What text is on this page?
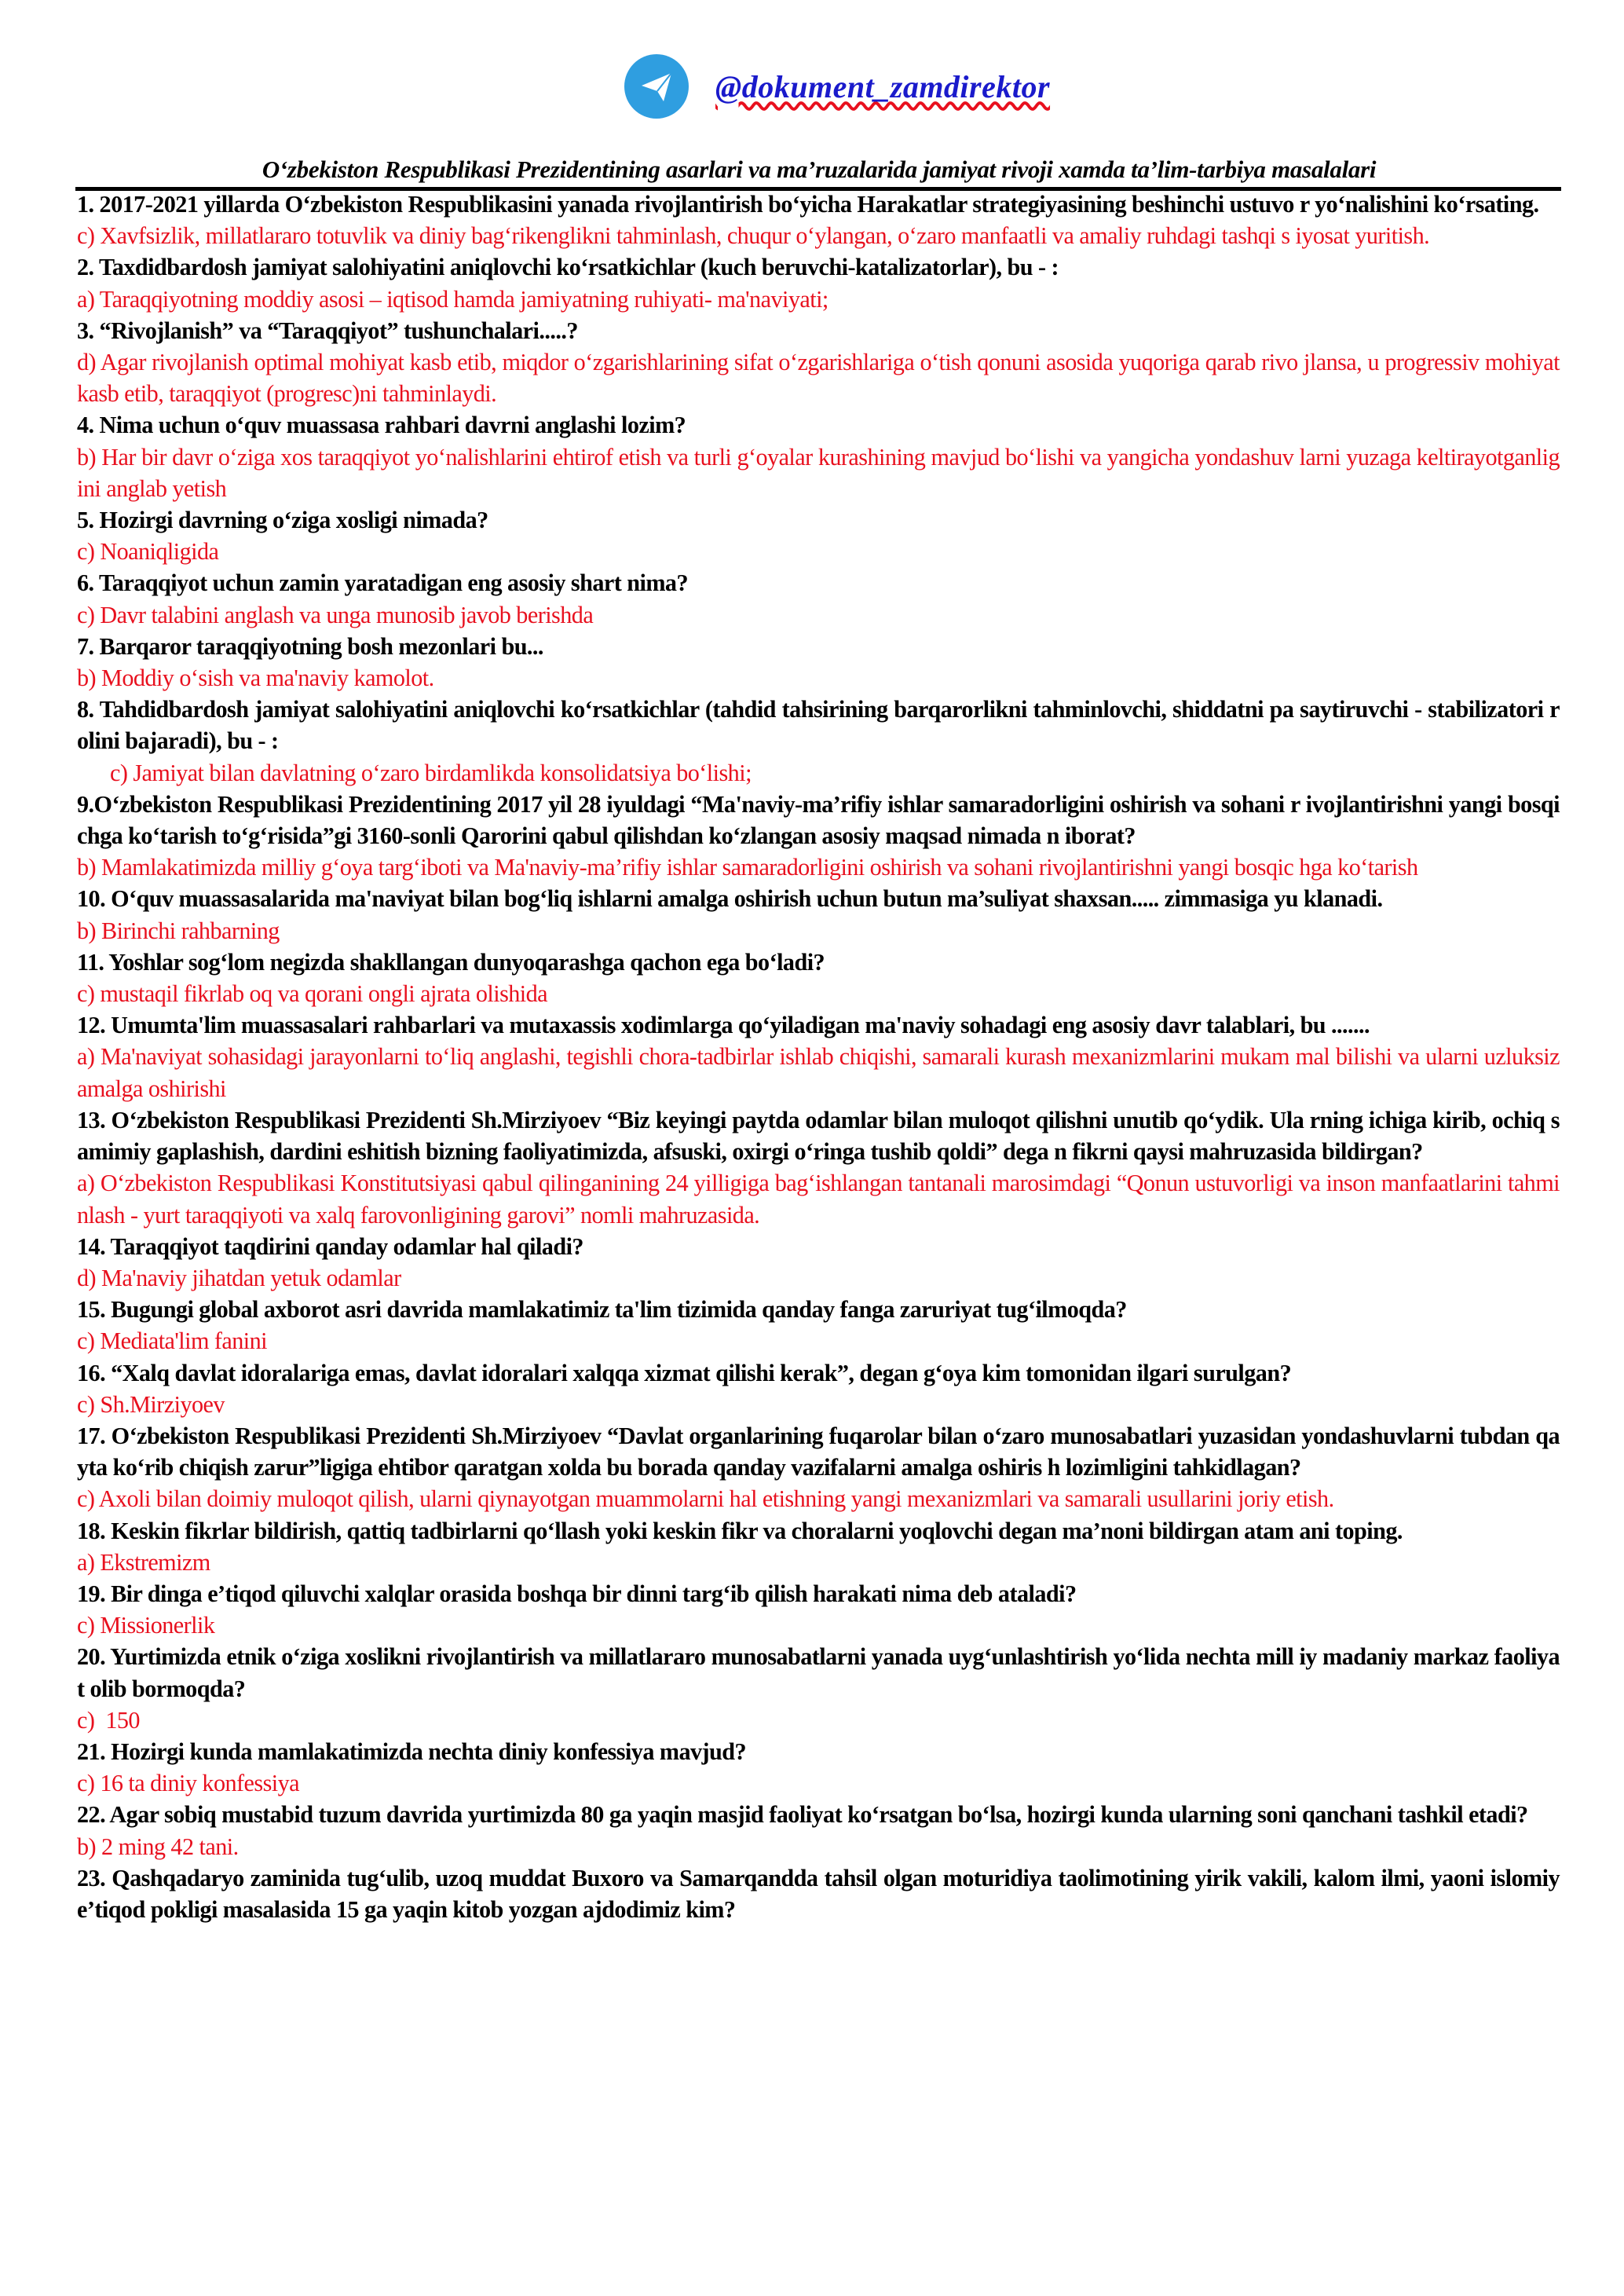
@dokument_zamdirektor
O‘zbekiston Respublikasi Prezidentining asarlari va ma’ruzalarida jamiyat rivoji xamda ta’lim-tarbiya masalalari

1. 2017-2021 yillarda O‘zbekiston Respublikasini yanada rivojlantirish bo‘yicha Harakatlar strategiyasining beshinchi ustuvo r yo‘nalishini ko‘rsating.

c) Xavfsizlik, millatlararo totuvlik va diniy bag‘rikenglikni tahminlash, chuqur o‘ylangan, o‘zaro manfaatli va amaliy ruhdagi tashqi s iyosat yuritish.

2. Taxdidbardosh jamiyat salohiyatini aniqlovchi ko‘rsatkichlar (kuch beruvchi-katalizatorlar), bu - :

a) Taraqqiyotning moddiy asosi – iqtisod hamda jamiyatning ruhiyati- ma'naviyati;

3. “Rivojlanish” va “Taraqqiyot” tushunchalari.....?

d) Agar rivojlanish optimal mohiyat kasb etib, miqdor o‘zgarishlarining sifat o‘zgarishlariga o‘tish qonuni asosida yuqoriga qarab rivo jlansa, u progressiv mohiyat kasb etib, taraqqiyot (progresc)ni tahminlaydi.

4. Nima uchun o‘quv muassasa rahbari davrni anglashi lozim?

b) Har bir davr o‘ziga xos taraqqiyot yo‘nalishlarini ehtirof etish va turli g‘oyalar kurashining mavjud bo‘lishi va yangicha yondashuv larni yuzaga keltirayotganligini anglab yetish

5. Hozirgi davrning o‘ziga xosligi nimada?

c) Noaniqligida

6. Taraqqiyot uchun zamin yaratadigan eng asosiy shart nima?

c) Davr talabini anglash va unga munosib javob berishda

7. Barqaror taraqqiyotning bosh mezonlari bu...

b) Moddiy o‘sish va ma'naviy kamolot.

8. Tahdidbardosh jamiyat salohiyatini aniqlovchi ko‘rsatkichlar (tahdid tahsirining barqarorlikni tahminlovchi, shiddatni pa saytiruvchi - stabilizatori rolini bajaradi), bu - :

c) Jamiyat bilan davlatning o‘zaro birdamlikda konsolidatsiya bo‘lishi;

9.O‘zbekiston Respublikasi Prezidentining 2017 yil 28 iyuldagi “Ma'naviy-ma’rifiy ishlar samaradorligini oshirish va sohani r ivojlantirishni yangi bosqichga ko‘tarish to‘g‘risida”gi 3160-sonli Qarorini qabul qilishdan ko‘zlangan asosiy maqsad nimada n iborat?

b) Mamlakatimizda milliy g‘oya targ‘iboti va Ma'naviy-ma’rifiy ishlar samaradorligini oshirish va sohani rivojlantirishni yangi bosqic hga ko‘tarish

10. O‘quv muassasalarida ma'naviyat bilan bog‘liq ishlarni amalga oshirish uchun butun ma’suliyat shaxsan..... zimmasiga yu klanadi.

b) Birinchi rahbarning

11. Yoshlar sog‘lom negizda shakllangan dunyoqarashga qachon ega bo‘ladi?

c) mustaqil fikrlab oq va qorani ongli ajrata olishida

12. Umumta'lim muassasalari rahbarlari va mutaxassis xodimlarga qo‘yiladigan ma'naviy sohadagi eng asosiy davr talablari, bu .......

a) Ma'naviyat sohasidagi jarayonlarni to‘liq anglashi, tegishli chora-tadbirlar ishlab chiqishi, samarali kurash mexanizmlarini mukam mal bilishi va ularni uzluksiz amalga oshirishi

13. O‘zbekiston Respublikasi Prezidenti Sh.Mirziyoev “Biz keyingi paytda odamlar bilan muloqot qilishni unutib qo‘ydik. Ula rning ichiga kirib, ochiq samimiy gaplashish, dardini eshitish bizning faoliyatimizda, afsuski, oxirgi o‘ringa tushib qoldi” dega n fikrni qaysi mahruzasida bildirgan?

a) O‘zbekiston Respublikasi Konstitutsiyasi qabul qilinganining 24 yilligiga bag‘ishlangan tantanali marosimdagi “Qonun ustuvorligi va inson manfaatlarini tahminlash - yurt taraqqiyoti va xalq farovonligining garovi” nomli mahruzasida.

14. Taraqqiyot taqdirini qanday odamlar hal qiladi?

d) Ma'naviy jihatdan yetuk odamlar

15. Bugungi global axborot asri davrida mamlakatimiz ta'lim tizimida qanday fanga zaruriyat tug‘ilmoqda?

c) Mediata'lim fanini

16. “Xalq davlat idoralariga emas, davlat idoralari xalqqa xizmat qilishi kerak”, degan g‘oya kim tomonidan ilgari surulgan?

c) Sh.Mirziyoev

17. O‘zbekiston Respublikasi Prezidenti Sh.Mirziyoev “Davlat organlarining fuqarolar bilan o‘zaro munosabatlari yuzasidan yondashuvlarni tubdan qayta ko‘rib chiqish zarur”ligiga ehtibor qaratgan xolda bu borada qanday vazifalarni amalga oshiris h lozimligini tahkidlagan?

c) Axoli bilan doimiy muloqot qilish, ularni qiynayotgan muammolarni hal etishning yangi mexanizmlari va samarali usullarini joriy etish.

18. Keskin fikrlar bildirish, qattiq tadbirlarni qo‘llash yoki keskin fikr va choralarni yoqlovchi degan ma’noni bildirgan atam ani toping.

a) Ekstremizm

19. Bir dinga e’tiqod qiluvchi xalqlar orasida boshqa bir dinni targ‘ib qilish harakati nima deb ataladi?

c) Missionerlik

20. Yurtimizda etnik o‘ziga xoslikni rivojlantirish va millatlararo munosabatlarni yanada uyg‘unlashtirish yo‘lida nechta mill iy madaniy markaz faoliyat olib bormoqda?

c)  150

21. Hozirgi kunda mamlakatimizda nechta diniy konfessiya mavjud?

c) 16 ta diniy konfessiya

22. Agar sobiq mustabid tuzum davrida yurtimizda 80 ga yaqin masjid faoliyat ko‘rsatgan bo‘lsa, hozirgi kunda ularning soni qanchani tashkil etadi?

b) 2 ming 42 tani.

23. Qashqadaryo zaminida tug‘ulib, uzoq muddat Buxoro va Samarqandda tahsil olgan moturidiya taolimotining yirik vakili, kalom ilmi, yaoni islomiy e’tiqod pokligi masalasida 15 ga yaqin kitob yozgan ajdodimiz kim?
